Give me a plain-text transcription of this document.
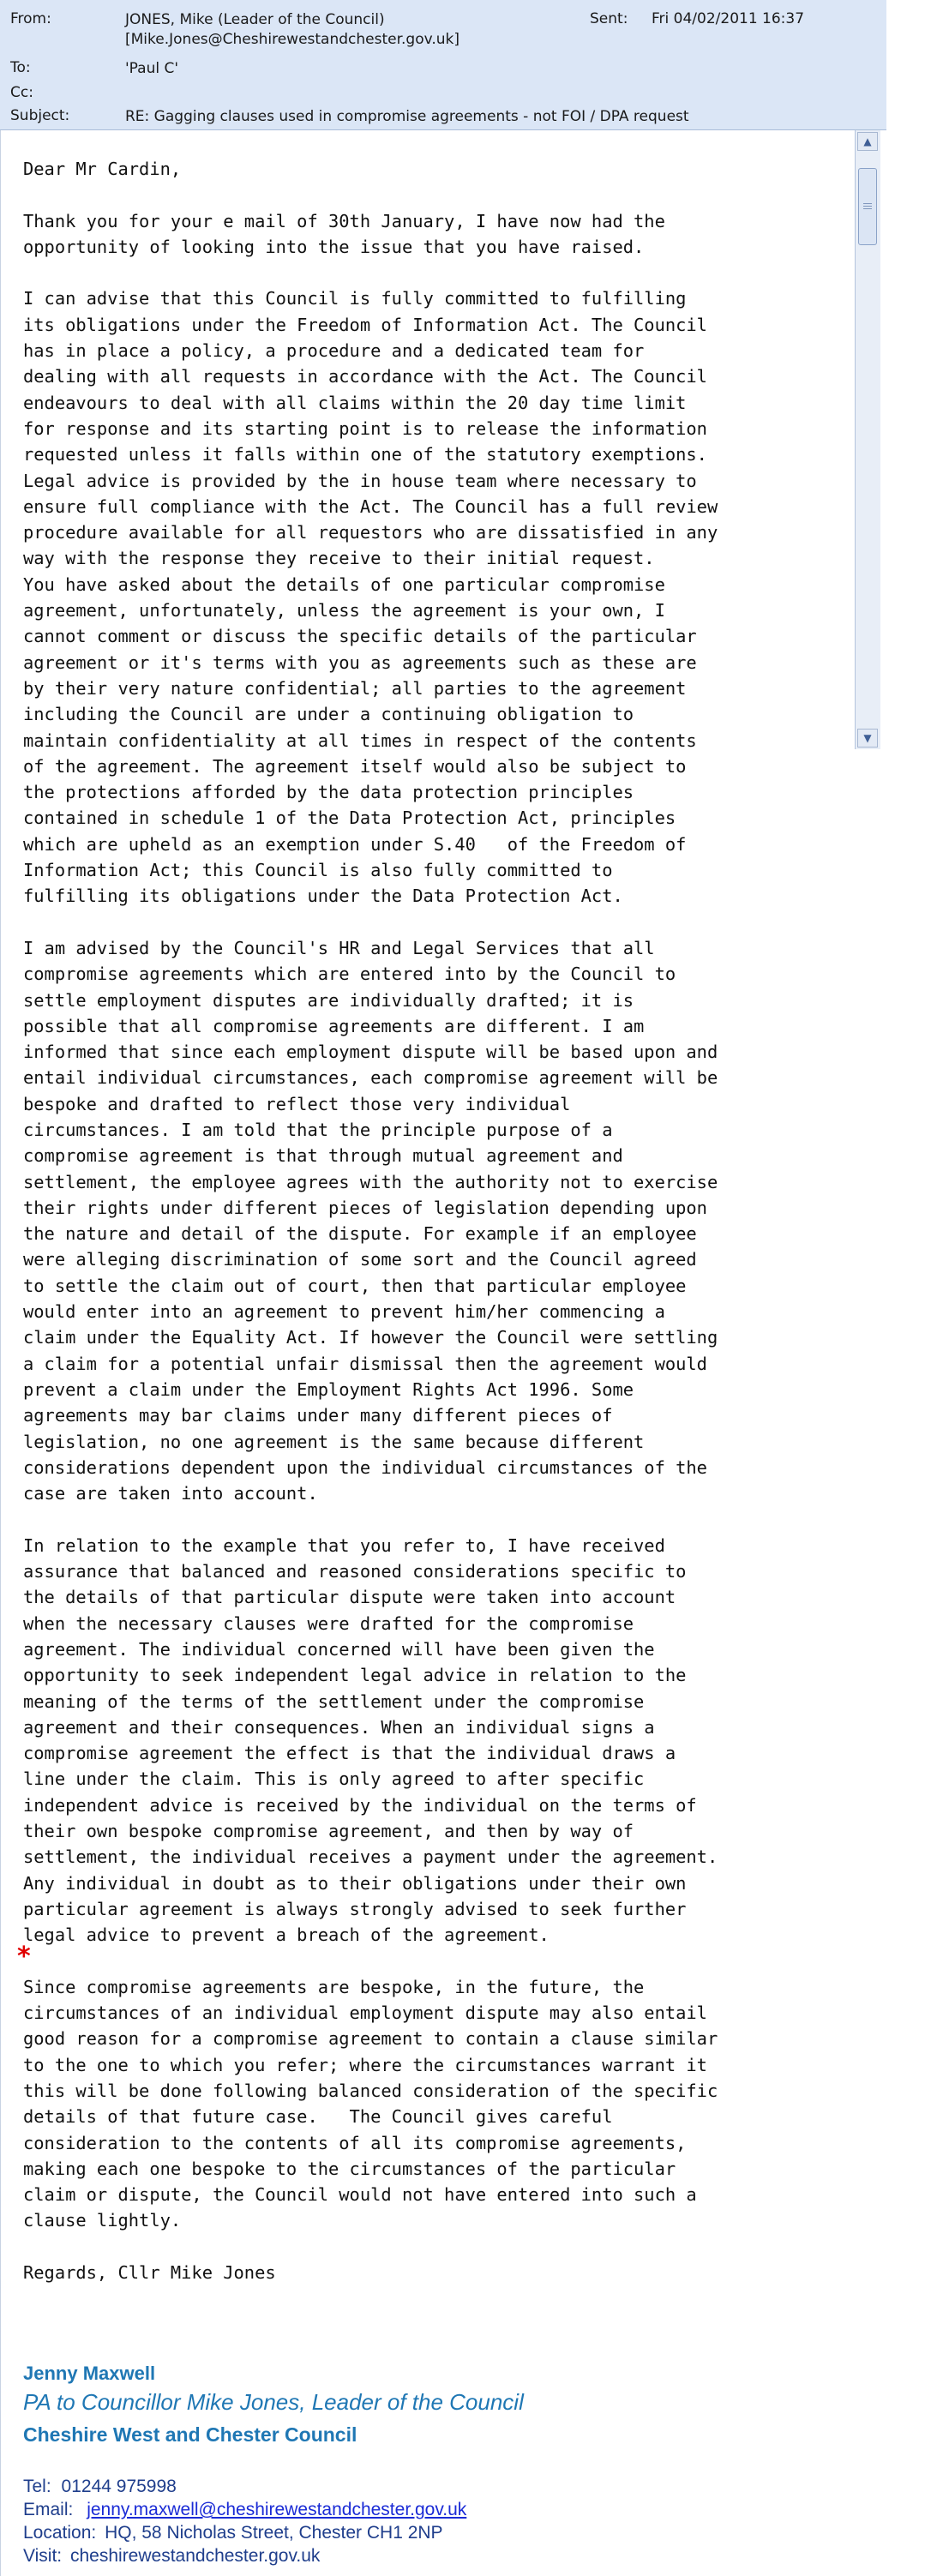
From:	JONES, Mike (Leader of the Council)
[Mike.Jones@Cheshirewestandchester.gov.uk]
Sent: Fri 04/02/2011 16:37
To:	'Paul C'
Cc:
Subject:	RE: Gagging clauses used in compromise agreements - not FOI / DPA request
▲
▼
Dear Mr Cardin,

Thank you for your e mail of 30th January, I have now had the
opportunity of looking into the issue that you have raised.

I can advise that this Council is fully committed to fulfilling
its obligations under the Freedom of Information Act. The Council
has in place a policy, a procedure and a dedicated team for
dealing with all requests in accordance with the Act. The Council
endeavours to deal with all claims within the 20 day time limit
for response and its starting point is to release the information
requested unless it falls within one of the statutory exemptions.
Legal advice is provided by the in house team where necessary to
ensure full compliance with the Act. The Council has a full review
procedure available for all requestors who are dissatisfied in any
way with the response they receive to their initial request.
You have asked about the details of one particular compromise
agreement, unfortunately, unless the agreement is your own, I
cannot comment or discuss the specific details of the particular
agreement or it's terms with you as agreements such as these are
by their very nature confidential; all parties to the agreement
including the Council are under a continuing obligation to
maintain confidentiality at all times in respect of the contents
of the agreement. The agreement itself would also be subject to
the protections afforded by the data protection principles
contained in schedule 1 of the Data Protection Act, principles
which are upheld as an exemption under S.40   of the Freedom of
Information Act; this Council is also fully committed to
fulfilling its obligations under the Data Protection Act.

I am advised by the Council's HR and Legal Services that all
compromise agreements which are entered into by the Council to
settle employment disputes are individually drafted; it is
possible that all compromise agreements are different. I am
informed that since each employment dispute will be based upon and
entail individual circumstances, each compromise agreement will be
bespoke and drafted to reflect those very individual
circumstances. I am told that the principle purpose of a
compromise agreement is that through mutual agreement and
settlement, the employee agrees with the authority not to exercise
their rights under different pieces of legislation depending upon
the nature and detail of the dispute. For example if an employee
were alleging discrimination of some sort and the Council agreed
to settle the claim out of court, then that particular employee
would enter into an agreement to prevent him/her commencing a
claim under the Equality Act. If however the Council were settling
a claim for a potential unfair dismissal then the agreement would
prevent a claim under the Employment Rights Act 1996. Some
agreements may bar claims under many different pieces of
legislation, no one agreement is the same because different
considerations dependent upon the individual circumstances of the
case are taken into account.

In relation to the example that you refer to, I have received
assurance that balanced and reasoned considerations specific to
the details of that particular dispute were taken into account
when the necessary clauses were drafted for the compromise
agreement. The individual concerned will have been given the
opportunity to seek independent legal advice in relation to the
meaning of the terms of the settlement under the compromise
agreement and their consequences. When an individual signs a
compromise agreement the effect is that the individual draws a
line under the claim. This is only agreed to after specific
independent advice is received by the individual on the terms of
their own bespoke compromise agreement, and then by way of
settlement, the individual receives a payment under the agreement.
Any individual in doubt as to their obligations under their own
particular agreement is always strongly advised to seek further
legal advice to prevent a breach of the agreement.

Since compromise agreements are bespoke, in the future, the
circumstances of an individual employment dispute may also entail
good reason for a compromise agreement to contain a clause similar
to the one to which you refer; where the circumstances warrant it
this will be done following balanced consideration of the specific
details of that future case.   The Council gives careful
consideration to the contents of all its compromise agreements,
making each one bespoke to the circumstances of the particular
claim or dispute, the Council would not have entered into such a
clause lightly.

Regards, Cllr Mike Jones
*
Jenny Maxwell
PA to Councillor Mike Jones, Leader of the Council
Cheshire West and Chester Council
Tel: 01244 975998
Email: jenny.maxwell@cheshirewestandchester.gov.uk
Location: HQ, 58 Nicholas Street, Chester CH1 2NP
Visit: cheshirewestandchester.gov.uk
